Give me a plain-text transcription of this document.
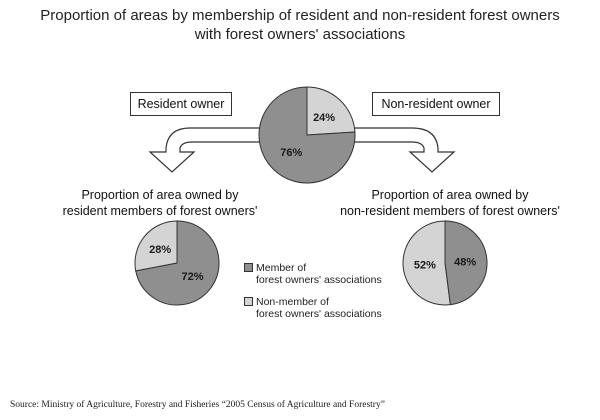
Proportion of areas by membership of resident and non-resident forest owners
with forest owners' associations
24%
76%
72%
28%
48%
52%
Resident owner	Non-resident owner
Proportion of area owned by
resident members of forest owners'
Proportion of area owned by
non-resident members of forest owners'
Member of
forest owners' associations
Non-member of
forest owners' associations
Source: Ministry of Agriculture, Forestry and Fisheries “2005 Census of Agriculture and Forestry”
